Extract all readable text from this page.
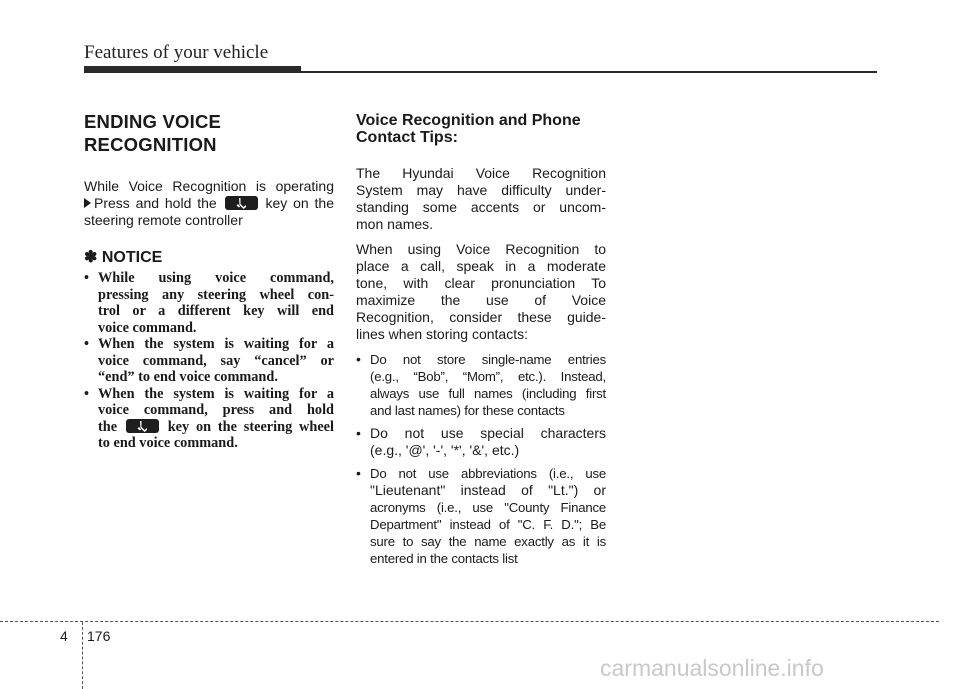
Features of your vehicle
ENDING VOICE
RECOGNITION
While Voice Recognition is operating
Press and hold the	key on the
steering remote controller
✽ NOTICE
• While using voice command,
pressing any steering wheel con-
trol or a different key will end
voice command.
• When the system is waiting for a
voice command, say “cancel” or
“end” to end voice command.
• When the system is waiting for a
voice command, press and hold
the	key on the steering wheel
to end voice command.
Voice Recognition and Phone
Contact Tips:
The Hyundai Voice Recognition
System may have difficulty under-
standing some accents or uncom-
mon names.
When using Voice Recognition to
place a call, speak in a moderate
tone, with clear pronunciation To
maximize the use of Voice
Recognition, consider these guide-
lines when storing contacts:
• Do not store single-name entries
(e.g., “Bob”, “Mom”, etc.). Instead,
always use full names (including first
and last names) for these contacts
• Do not use special characters
(e.g., '@', '-', '*', '&', etc.)
• Do not use abbreviations (i.e., use
"Lieutenant" instead of "Lt.") or
acronyms (i.e., use "County Finance
Department" instead of "C. F. D."; Be
sure to say the name exactly as it is
entered in the contacts list
4 176
carmanualsonline.info
